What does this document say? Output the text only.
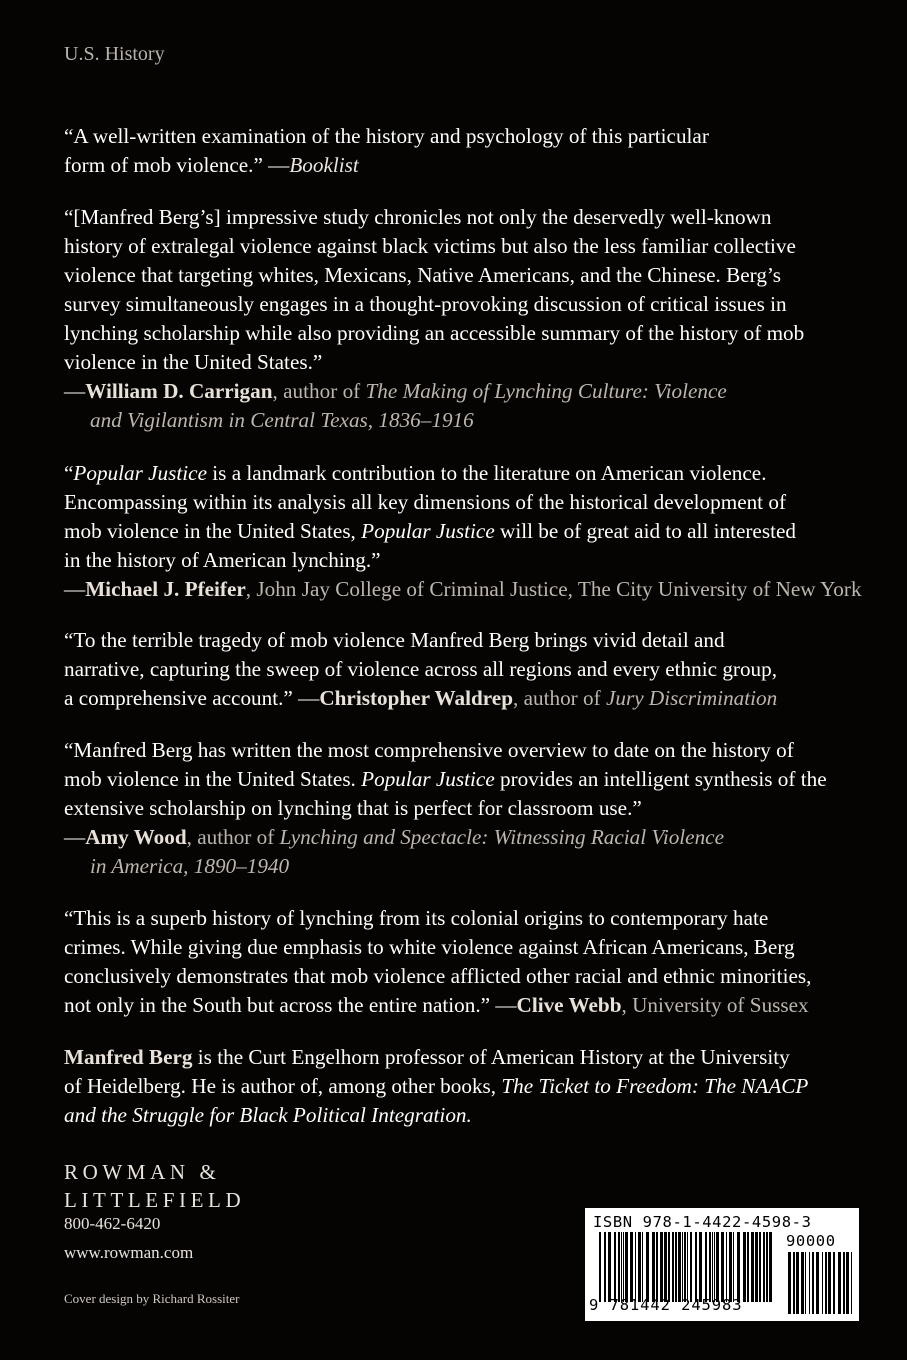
U.S. History
“A well-written examination of the history and psychology of this particular
form of mob violence.” —Booklist
“[Manfred Berg’s] impressive study chronicles not only the deservedly well-known
history of extralegal violence against black victims but also the less familiar collective
violence that targeting whites, Mexicans, Native Americans, and the Chinese. Berg’s
survey simultaneously engages in a thought-provoking discussion of critical issues in
lynching scholarship while also providing an accessible summary of the history of mob
violence in the United States.”
—William D. Carrigan, author of The Making of Lynching Culture: Violence
and Vigilantism in Central Texas, 1836–1916
“Popular Justice is a landmark contribution to the literature on American violence.
Encompassing within its analysis all key dimensions of the historical development of
mob violence in the United States, Popular Justice will be of great aid to all interested
in the history of American lynching.”
—Michael J. Pfeifer, John Jay College of Criminal Justice, The City University of New York
“To the terrible tragedy of mob violence Manfred Berg brings vivid detail and
narrative, capturing the sweep of violence across all regions and every ethnic group,
a comprehensive account.” —Christopher Waldrep, author of Jury Discrimination
“Manfred Berg has written the most comprehensive overview to date on the history of
mob violence in the United States. Popular Justice provides an intelligent synthesis of the
extensive scholarship on lynching that is perfect for classroom use.”
—Amy Wood, author of Lynching and Spectacle: Witnessing Racial Violence
in America, 1890–1940
“This is a superb history of lynching from its colonial origins to contemporary hate
crimes. While giving due emphasis to white violence against African Americans, Berg
conclusively demonstrates that mob violence afflicted other racial and ethnic minorities,
not only in the South but across the entire nation.” —Clive Webb, University of Sussex
Manfred Berg is the Curt Engelhorn professor of American History at the University
of Heidelberg. He is author of, among other books, The Ticket to Freedom: The NAACP
and the Struggle for Black Political Integration.
ROWMAN &
LITTLEFIELD
800-462-6420
www.rowman.com
Cover design by Richard Rossiter
ISBN 978-1-4422-4598-3
90000
9 781442 245983
